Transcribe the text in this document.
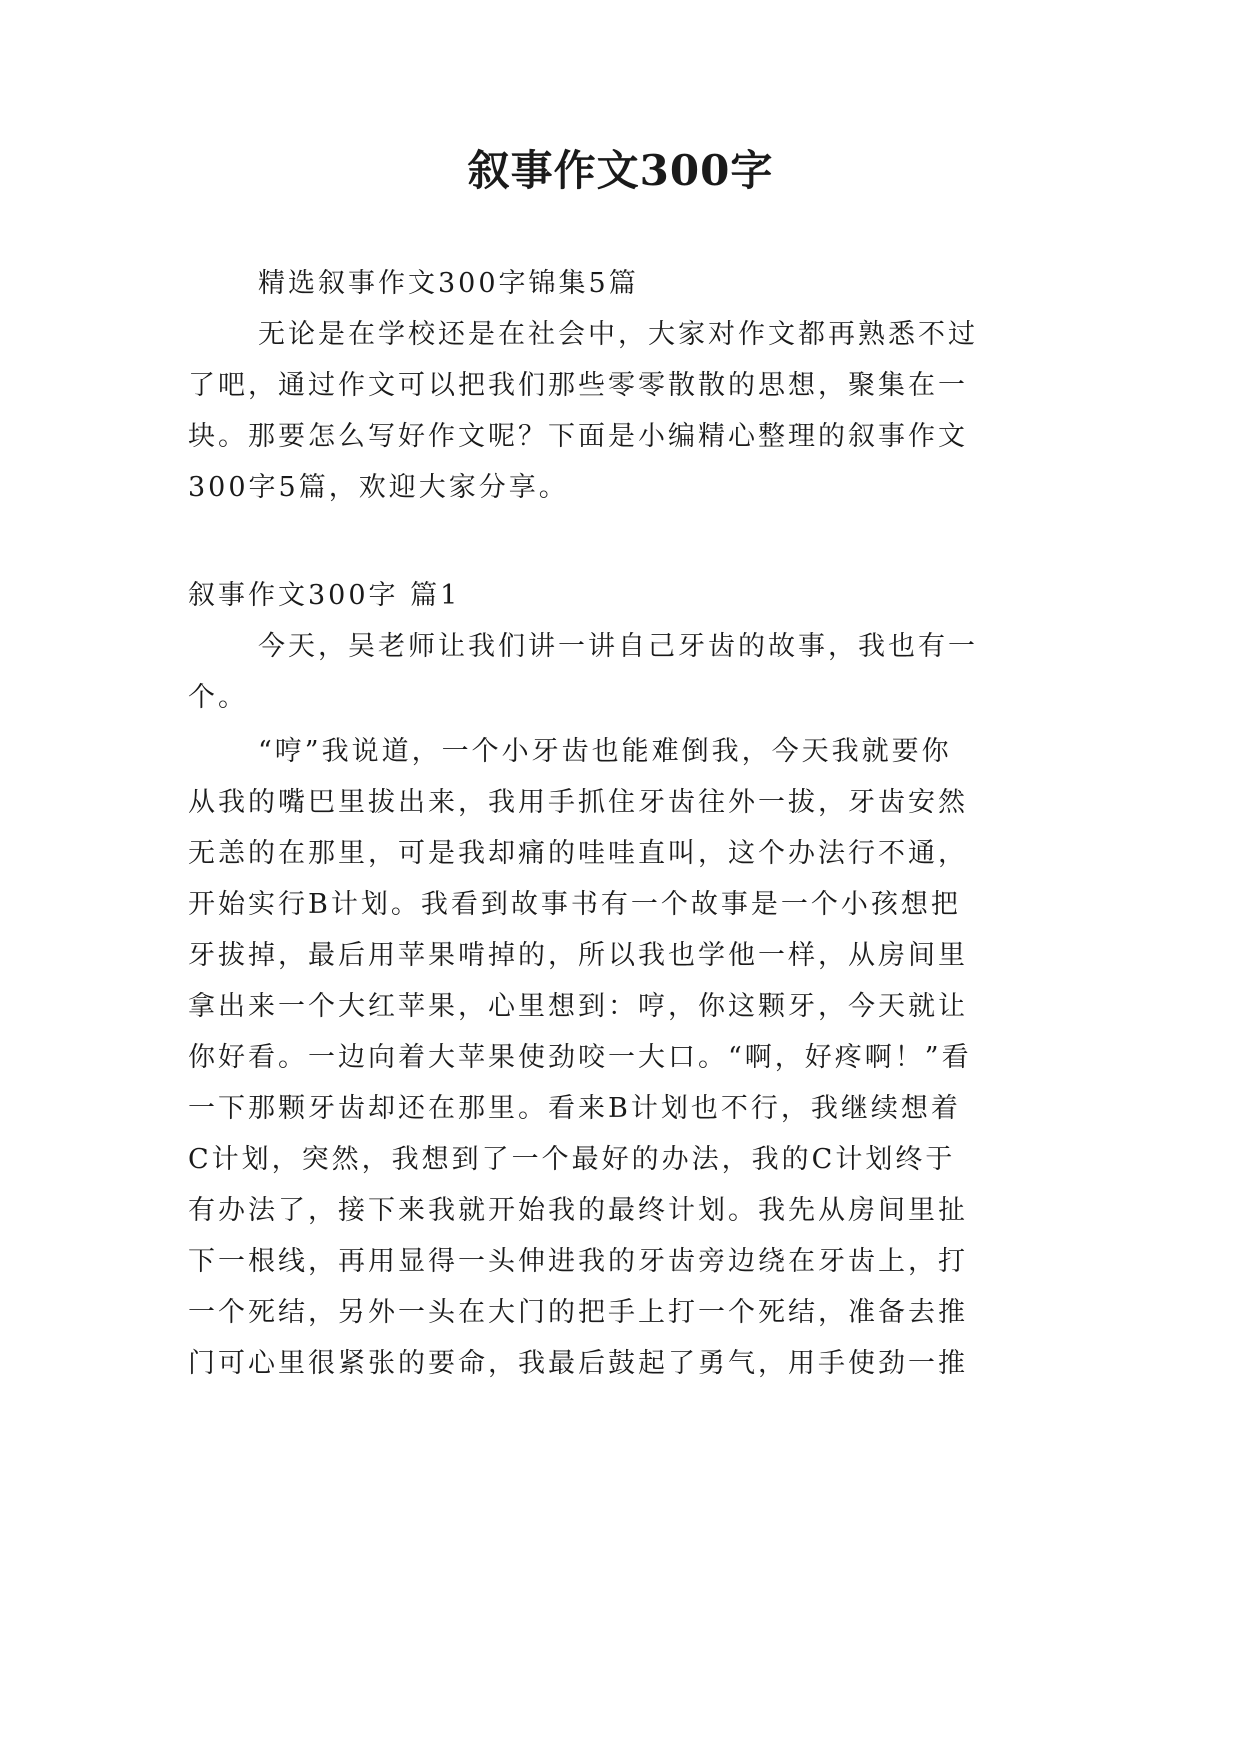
叙事作文300字

精选叙事作文300字锦集5篇

无论是在学校还是在社会中，大家对作文都再熟悉不过

了吧，通过作文可以把我们那些零零散散的思想，聚集在一

块。那要怎么写好作文呢？下面是小编精心整理的叙事作文

300字5篇，欢迎大家分享。

叙事作文300字 篇1

今天，吴老师让我们讲一讲自己牙齿的故事，我也有一

个。

“哼”我说道，一个小牙齿也能难倒我，今天我就要你

从我的嘴巴里拔出来，我用手抓住牙齿往外一拔，牙齿安然

无恙的在那里，可是我却痛的哇哇直叫，这个办法行不通，

开始实行B计划。我看到故事书有一个故事是一个小孩想把

牙拔掉，最后用苹果啃掉的，所以我也学他一样，从房间里

拿出来一个大红苹果，心里想到：哼，你这颗牙，今天就让

你好看。一边向着大苹果使劲咬一大口。“啊，好疼啊！”看

一下那颗牙齿却还在那里。看来B计划也不行，我继续想着

C计划，突然，我想到了一个最好的办法，我的C计划终于

有办法了，接下来我就开始我的最终计划。我先从房间里扯

下一根线，再用显得一头伸进我的牙齿旁边绕在牙齿上，打

一个死结，另外一头在大门的把手上打一个死结，准备去推

门可心里很紧张的要命，我最后鼓起了勇气，用手使劲一推
